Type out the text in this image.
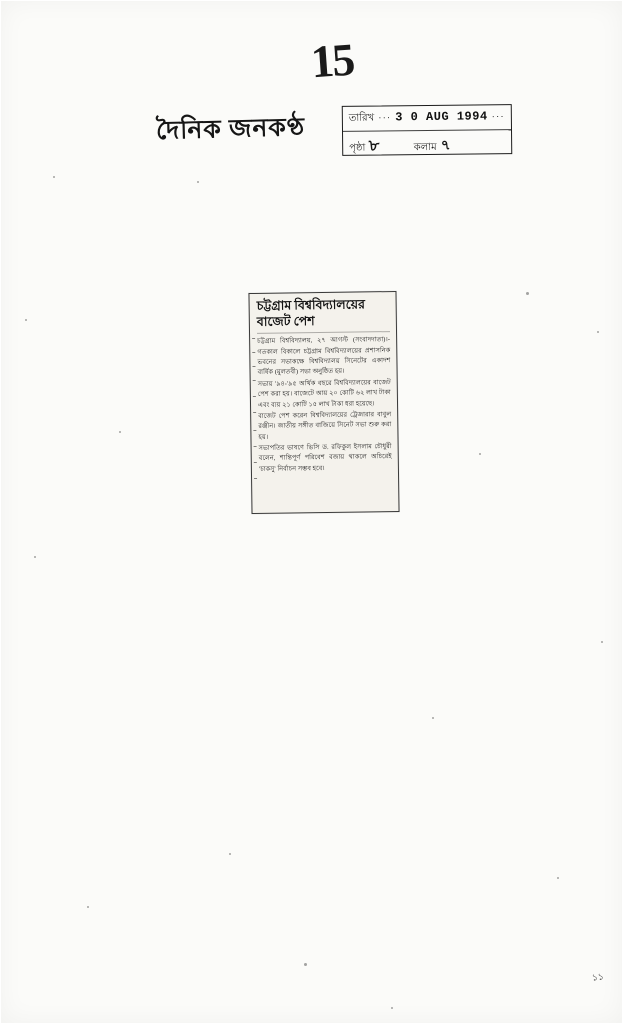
15
দৈনিক জনকণ্ঠ	তারিখ ··· 3 0 AUG 1994 ···
পৃষ্ঠা ৮	কলাম ৭
চট্টগ্রাম বিশ্ববিদ্যালয়ের
বাজেট পেশ

চট্টগ্রাম বিশ্ববিদ্যালয়, ২৭ আগস্ট (সংবাদদাতা)।- গতকাল বিকালে চট্টগ্রাম বিশ্ববিদ্যালয়ের প্রশাসনিক ভবনের সভাকক্ষে বিশ্ববিদ্যালয় সিনেটের একাদশ বার্ষিক (মুলতবী) সভা অনুষ্ঠিত হয়।

সভায় '৯৪-'৯৫ অর্থিক বছরে বিশ্ববিদ্যালয়ের বাজেট পেশ করা হয়। বাজেটে আয় ২০ কোটি ৬২ লাখ টাকা এবং ব্যয় ২১ কোটি ১৫ লাখ টাকা ধরা হয়েছে।

বাজেট পেশ করেন বিশ্ববিদ্যালয়ের ট্রেজারার বাবুল রঞ্জীন। জাতীয় সঙ্গীত বাজিয়ে সিনেট সভা শুরু করা হয়।

সভাপতির ভাষণে ভিসি ড. রফিকুল ইসলাম চৌধুরী বলেন, শান্তিপূর্ণ পরিবেশ বজায় থাকলে অচিরেই 'চাকসু' নির্বাচন সম্ভব হবে।

১১
